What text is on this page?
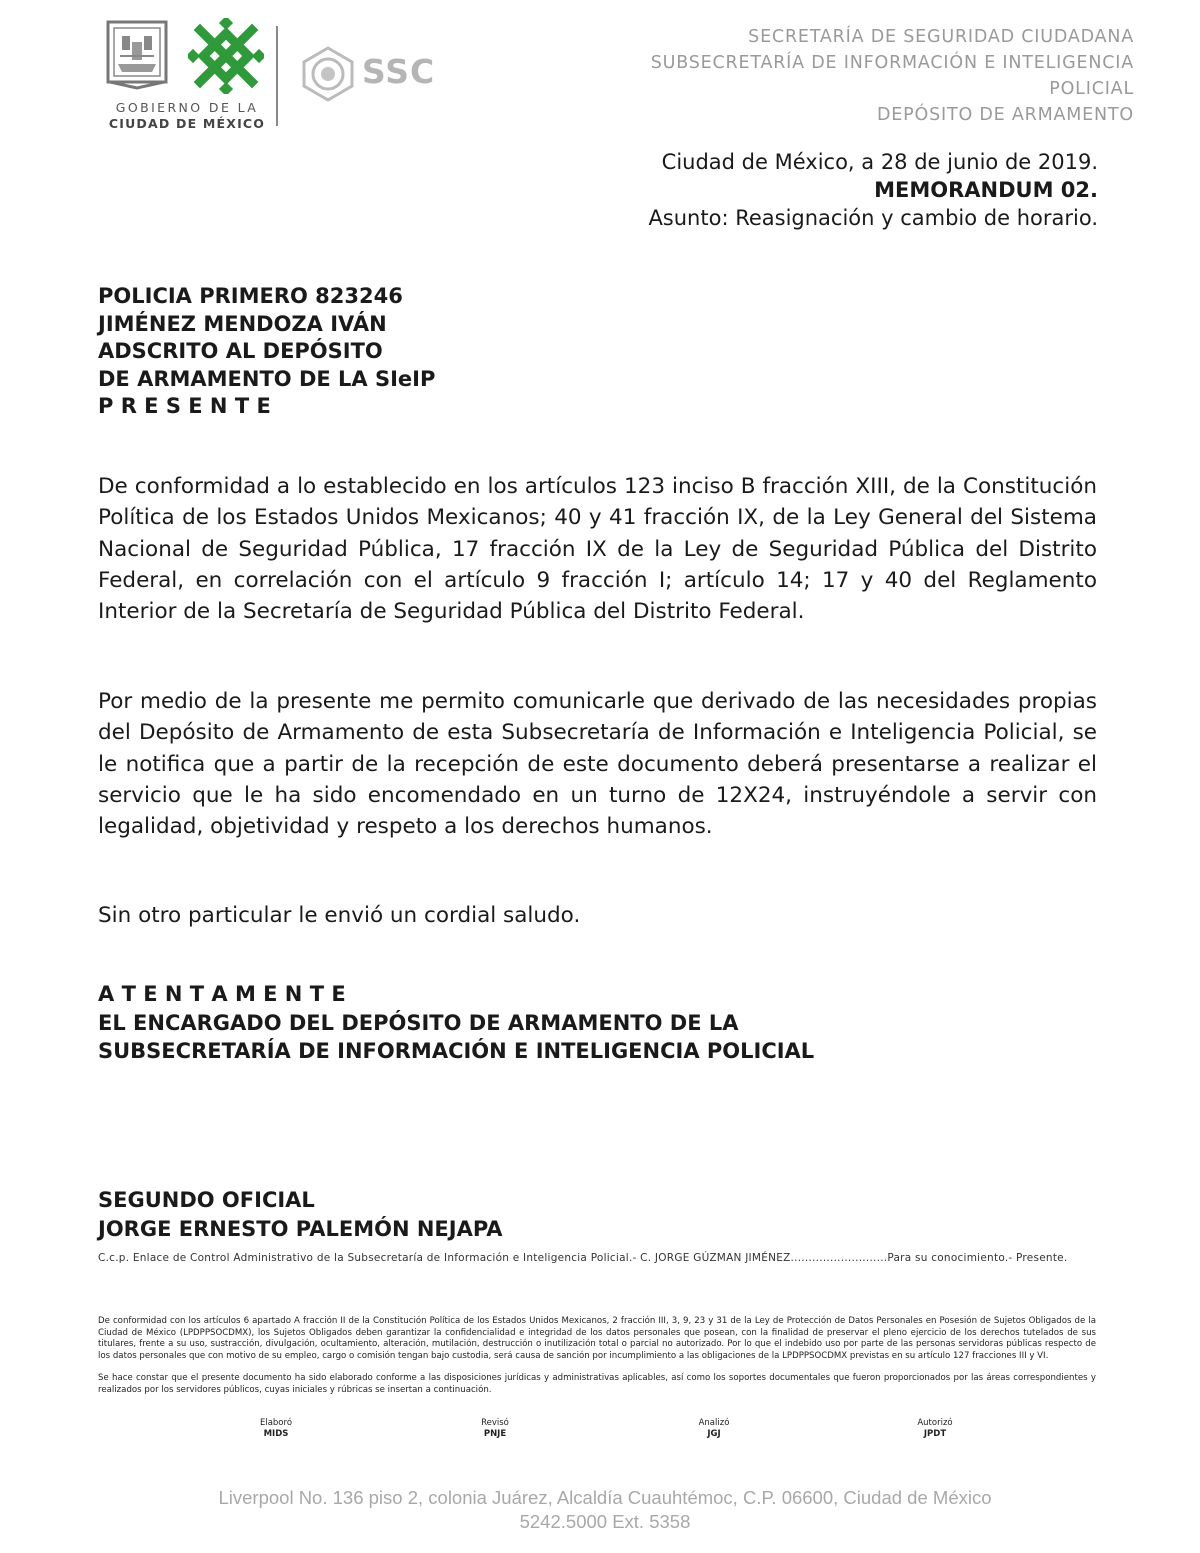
GOBIERNO DE LA
CIUDAD DE MÉXICO
SSC
SECRETARÍA DE SEGURIDAD CIUDADANA
SUBSECRETARÍA DE INFORMACIÓN E INTELIGENCIA
POLICIAL
DEPÓSITO DE ARMAMENTO
Ciudad de México, a 28 de junio de 2019.
MEMORANDUM 02.
Asunto: Reasignación y cambio de horario.
POLICIA PRIMERO 823246
JIMÉNEZ MENDOZA IVÁN
ADSCRITO AL DEPÓSITO
DE ARMAMENTO DE LA SIeIP
P R E S E N T E
De conformidad a lo establecido en los artículos 123 inciso B fracción XIII, de la Constitución Política de los Estados Unidos Mexicanos; 40 y 41 fracción IX, de la Ley General del Sistema Nacional de Seguridad Pública, 17 fracción IX de la Ley de Seguridad Pública del Distrito Federal, en correlación con el artículo 9 fracción I; artículo 14; 17 y 40 del Reglamento Interior de la Secretaría de Seguridad Pública del Distrito Federal.
Por medio de la presente me permito comunicarle que derivado de las necesidades propias del Depósito de Armamento de esta Subsecretaría de Información e Inteligencia Policial, se le notifica que a partir de la recepción de este documento deberá presentarse a realizar el servicio que le ha sido encomendado en un turno de 12X24, instruyéndole a servir con legalidad, objetividad y respeto a los derechos humanos.
Sin otro particular le envió un cordial saludo.
A T E N T A M E N T E
EL ENCARGADO DEL DEPÓSITO DE ARMAMENTO DE LA
SUBSECRETARÍA DE INFORMACIÓN E INTELIGENCIA POLICIAL
SEGUNDO OFICIAL
JORGE ERNESTO PALEMÓN NEJAPA
C.c.p. Enlace de Control Administrativo de la Subsecretaría de Información e Inteligencia Policial.- C. JORGE GÚZMAN JIMÉNEZ...........................Para su conocimiento.- Presente.
De conformidad con los artículos 6 apartado A fracción II de la Constitución Política de los Estados Unidos Mexicanos, 2 fracción III, 3, 9, 23 y 31 de la Ley de Protección de Datos Personales en Posesión de Sujetos Obligados de la Ciudad de México (LPDPPSOCDMX), los Sujetos Obligados deben garantizar la confidencialidad e integridad de los datos personales que posean, con la finalidad de preservar el pleno ejercicio de los derechos tutelados de sus titulares, frente a su uso, sustracción, divulgación, ocultamiento, alteración, mutilación, destrucción o inutilización total o parcial no autorizado. Por lo que el indebido uso por parte de las personas servidoras públicas respecto de los datos personales que con motivo de su empleo, cargo o comisión tengan bajo custodia, será causa de sanción por incumplimiento a las obligaciones de la LPDPPSOCDMX previstas en su artículo 127 fracciones III y VI.
Se hace constar que el presente documento ha sido elaborado conforme a las disposiciones jurídicas y administrativas aplicables, así como los soportes documentales que fueron proporcionados por las áreas correspondientes y realizados por los servidores públicos, cuyas iniciales y rúbricas se insertan a continuación.
Elaboró
MIDS
Revisó
PNJE
Analizó
JGJ
Autorizó
JPDT
Liverpool No. 136 piso 2, colonia Juárez, Alcaldía Cuauhtémoc, C.P. 06600, Ciudad de México
5242.5000 Ext. 5358
